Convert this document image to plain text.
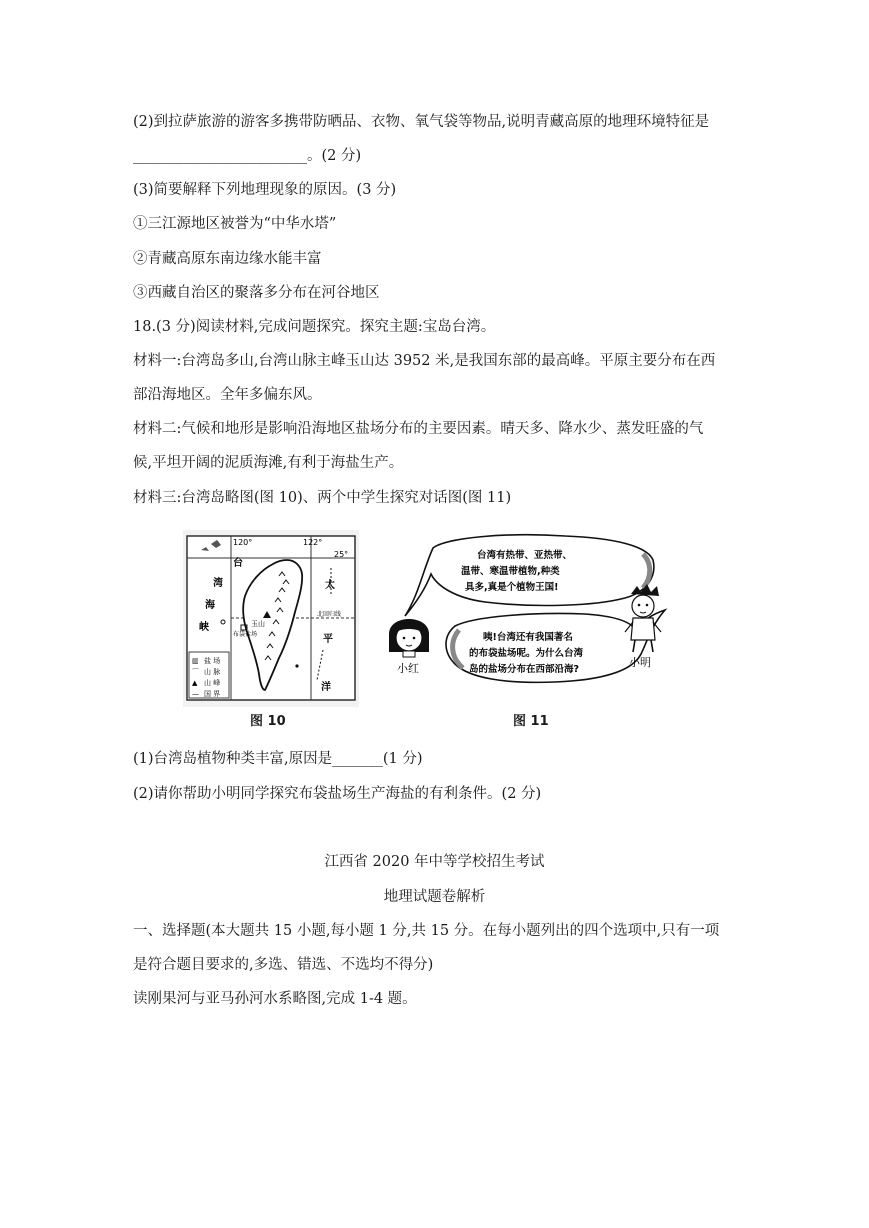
(2)到拉萨旅游的游客多携带防晒品、衣物、氧气袋等物品,说明青藏高原的地理环境特征是
________________________。(2 分)
(3)简要解释下列地理现象的原因。(3 分)
①三江源地区被誉为“中华水塔”
②青藏高原东南边缘水能丰富
③西藏自治区的聚落多分布在河谷地区
18.(3 分)阅读材料,完成问题探究。探究主题:宝岛台湾。
材料一:台湾岛多山,台湾山脉主峰玉山达 3952 米,是我国东部的最高峰。平原主要分布在西
部沿海地区。全年多偏东风。
材料二:气候和地形是影响沿海地区盐场分布的主要因素。晴天多、降水少、蒸发旺盛的气
候,平坦开阔的泥质海滩,有利于海盐生产。
材料三:台湾岛略图(图 10)、两个中学生探究对话图(图 11)
120°	122°
25°
玉山
布袋盐场
北回归线
台
湾
海
峡
太
平
洋
▥ 盐 场
⌒ 山 脉
▲ 山 峰
— 国 界
图 10
台湾有热带、亚热带、
温带、寒温带植物,种类
具多,真是个植物王国!
咦!台湾还有我国著名
的布袋盐场呢。为什么台湾
岛的盐场分布在西部沿海?
小红	小明
图 11
(1)台湾岛植物种类丰富,原因是_______(1 分)
(2)请你帮助小明同学探究布袋盐场生产海盐的有利条件。(2 分)
江西省 2020 年中等学校招生考试
地理试题卷解析
一、选择题(本大题共 15 小题,每小题 1 分,共 15 分。在每小题列出的四个选项中,只有一项
是符合题目要求的,多选、错选、不选均不得分)
读刚果河与亚马孙河水系略图,完成 1-4 题。
